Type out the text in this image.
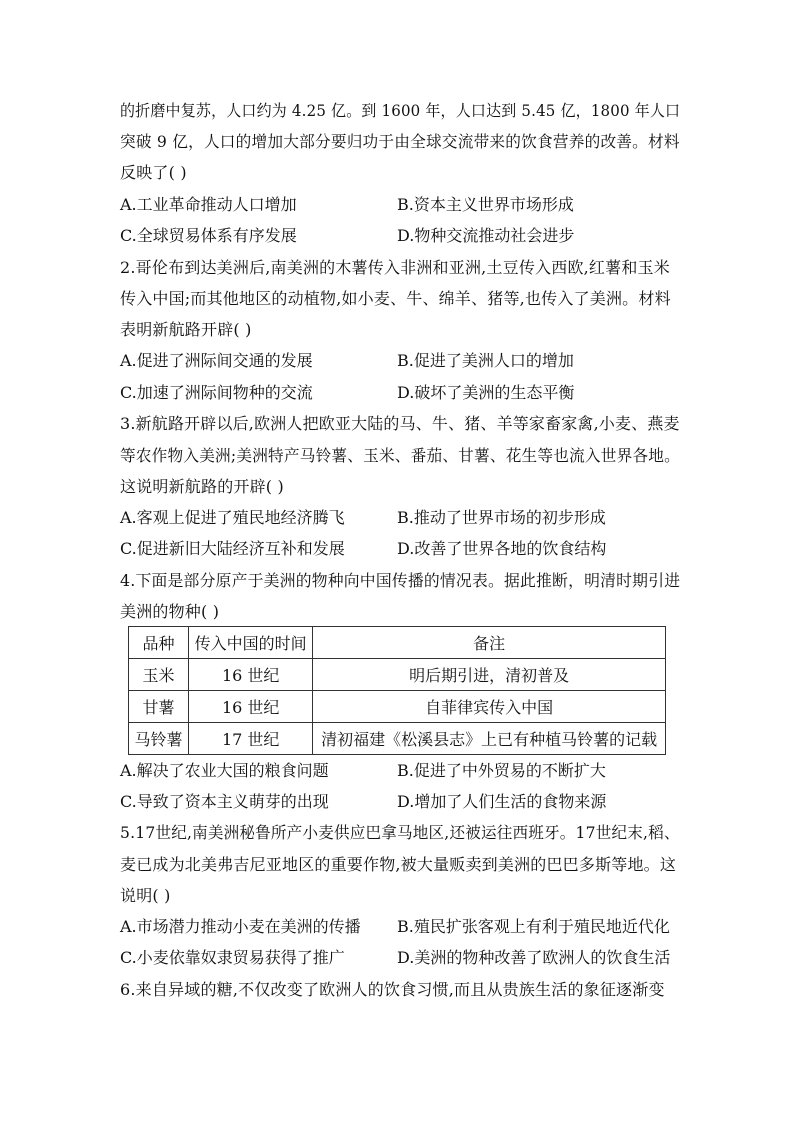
的折磨中复苏，人口约为 4.25 亿。到 1600 年，人口达到 5.45 亿，1800 年人口
突破 9 亿，人口的增加大部分要归功于由全球交流带来的饮食营养的改善。材料
反映了( )
A.工业革命推动人口增加	B.资本主义世界市场形成
C.全球贸易体系有序发展	D.物种交流推动社会进步
2.哥伦布到达美洲后,南美洲的木薯传入非洲和亚洲,土豆传入西欧,红薯和玉米
传入中国;而其他地区的动植物,如小麦、牛、绵羊、猪等,也传入了美洲。材料
表明新航路开辟( )
A.促进了洲际间交通的发展	B.促进了美洲人口的增加
C.加速了洲际间物种的交流	D.破坏了美洲的生态平衡
3.新航路开辟以后,欧洲人把欧亚大陆的马、牛、猪、羊等家畜家禽,小麦、燕麦
等农作物入美洲;美洲特产马铃薯、玉米、番茄、甘薯、花生等也流入世界各地。
这说明新航路的开辟( )
A.客观上促进了殖民地经济腾飞	B.推动了世界市场的初步形成
C.促进新旧大陆经济互补和发展	D.改善了世界各地的饮食结构
4.下面是部分原产于美洲的物种向中国传播的情况表。据此推断，明清时期引进
美洲的物种( )
品种	传入中国的时间	备注
玉米	16 世纪	明后期引进，清初普及
甘薯	16 世纪	自菲律宾传入中国
马铃薯	17 世纪	清初福建《松溪县志》上已有种植马铃薯的记载
A.解决了农业大国的粮食问题	B.促进了中外贸易的不断扩大
C.导致了资本主义萌芽的出现	D.增加了人们生活的食物来源
5.17世纪,南美洲秘鲁所产小麦供应巴拿马地区,还被运往西班牙。17世纪末,稻、
麦已成为北美弗吉尼亚地区的重要作物,被大量贩卖到美洲的巴巴多斯等地。这
说明( )
A.市场潜力推动小麦在美洲的传播 B.殖民扩张客观上有利于殖民地近代化
C.小麦依靠奴隶贸易获得了推广	D.美洲的物种改善了欧洲人的饮食生活
6.来自异域的糖,不仅改变了欧洲人的饮食习惯,而且从贵族生活的象征逐渐变
